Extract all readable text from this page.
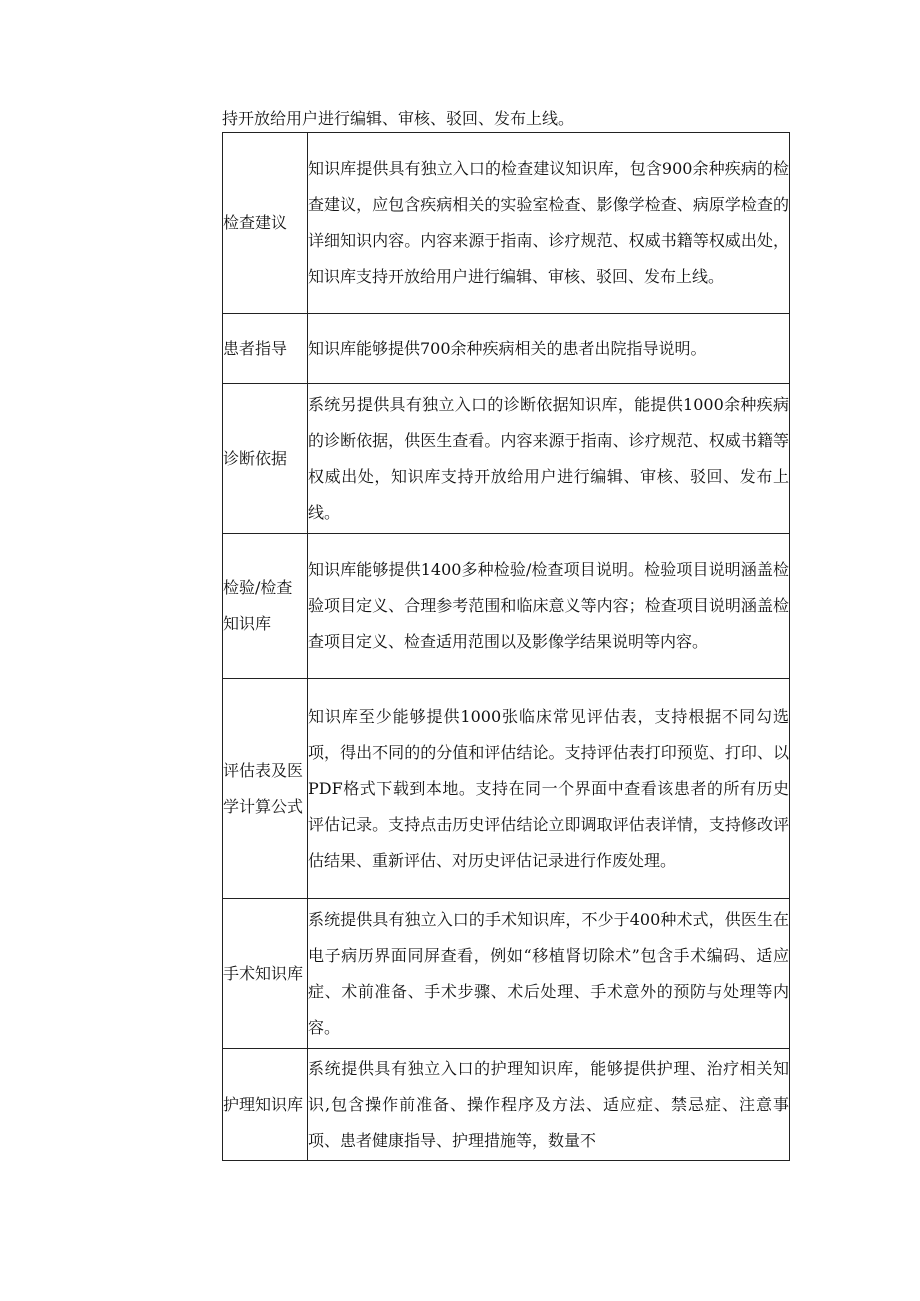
持开放给用户进行编辑、审核、驳回、发布上线。
检查建议	知识库提供具有独立入口的检查建议知识库，包含900余种疾病的检查建议，应包含疾病相关的实验室检查、影像学检查、病原学检查的详细知识内容。内容来源于指南、诊疗规范、权威书籍等权威出处，知识库支持开放给用户进行编辑、审核、驳回、发布上线。
患者指导	知识库能够提供700余种疾病相关的患者出院指导说明。
诊断依据	系统另提供具有独立入口的诊断依据知识库，能提供1000余种疾病的诊断依据，供医生查看。内容来源于指南、诊疗规范、权威书籍等权威出处，知识库支持开放给用户进行编辑、审核、驳回、发布上线。
检验/检查知识库	知识库能够提供1400多种检验/检查项目说明。检验项目说明涵盖检验项目定义、合理参考范围和临床意义等内容；检查项目说明涵盖检查项目定义、检查适用范围以及影像学结果说明等内容。
评估表及医学计算公式	知识库至少能够提供1000张临床常见评估表，支持根据不同勾选项，得出不同的的分值和评估结论。支持评估表打印预览、打印、以PDF格式下载到本地。支持在同一个界面中查看该患者的所有历史评估记录。支持点击历史评估结论立即调取评估表详情，支持修改评估结果、重新评估、对历史评估记录进行作废处理。
手术知识库	系统提供具有独立入口的手术知识库，不少于400种术式，供医生在电子病历界面同屏查看，例如“移植肾切除术”包含手术编码、适应症、术前准备、手术步骤、术后处理、手术意外的预防与处理等内容。
护理知识库	系统提供具有独立入口的护理知识库，能够提供护理、治疗相关知识,包含操作前准备、操作程序及方法、适应症、禁忌症、注意事项、患者健康指导、护理措施等，数量不
